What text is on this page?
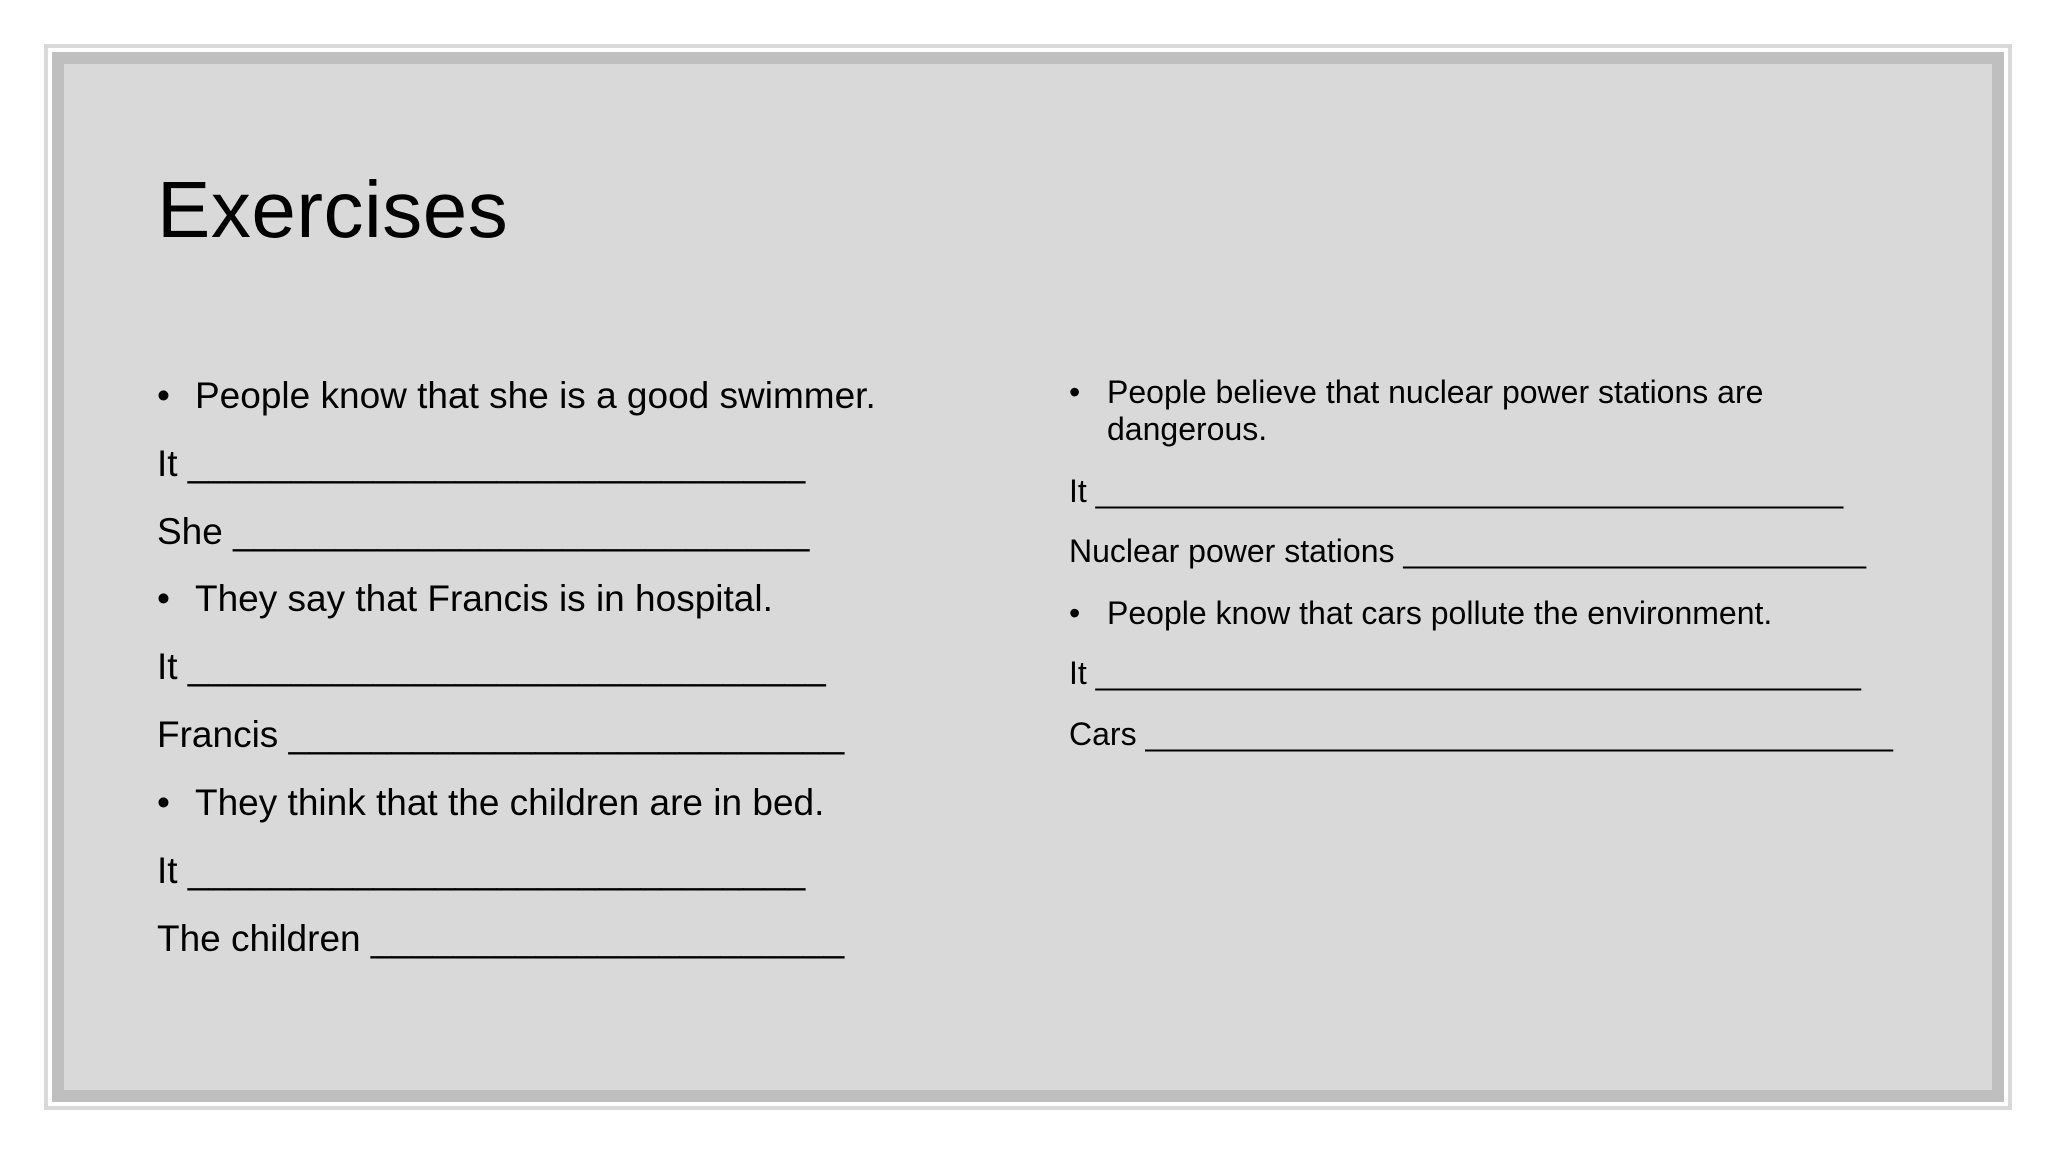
Exercises
• People know that she is a good swimmer.
It ______________________________
She ____________________________
• They say that Francis is in hospital.
It _______________________________
Francis ___________________________
• They think that the children are in bed.
It ______________________________
The children _______________________
• People believe that nuclear power stations are dangerous.
It __________________________________________
Nuclear power stations __________________________
• People know that cars pollute the environment.
It ___________________________________________
Cars __________________________________________
